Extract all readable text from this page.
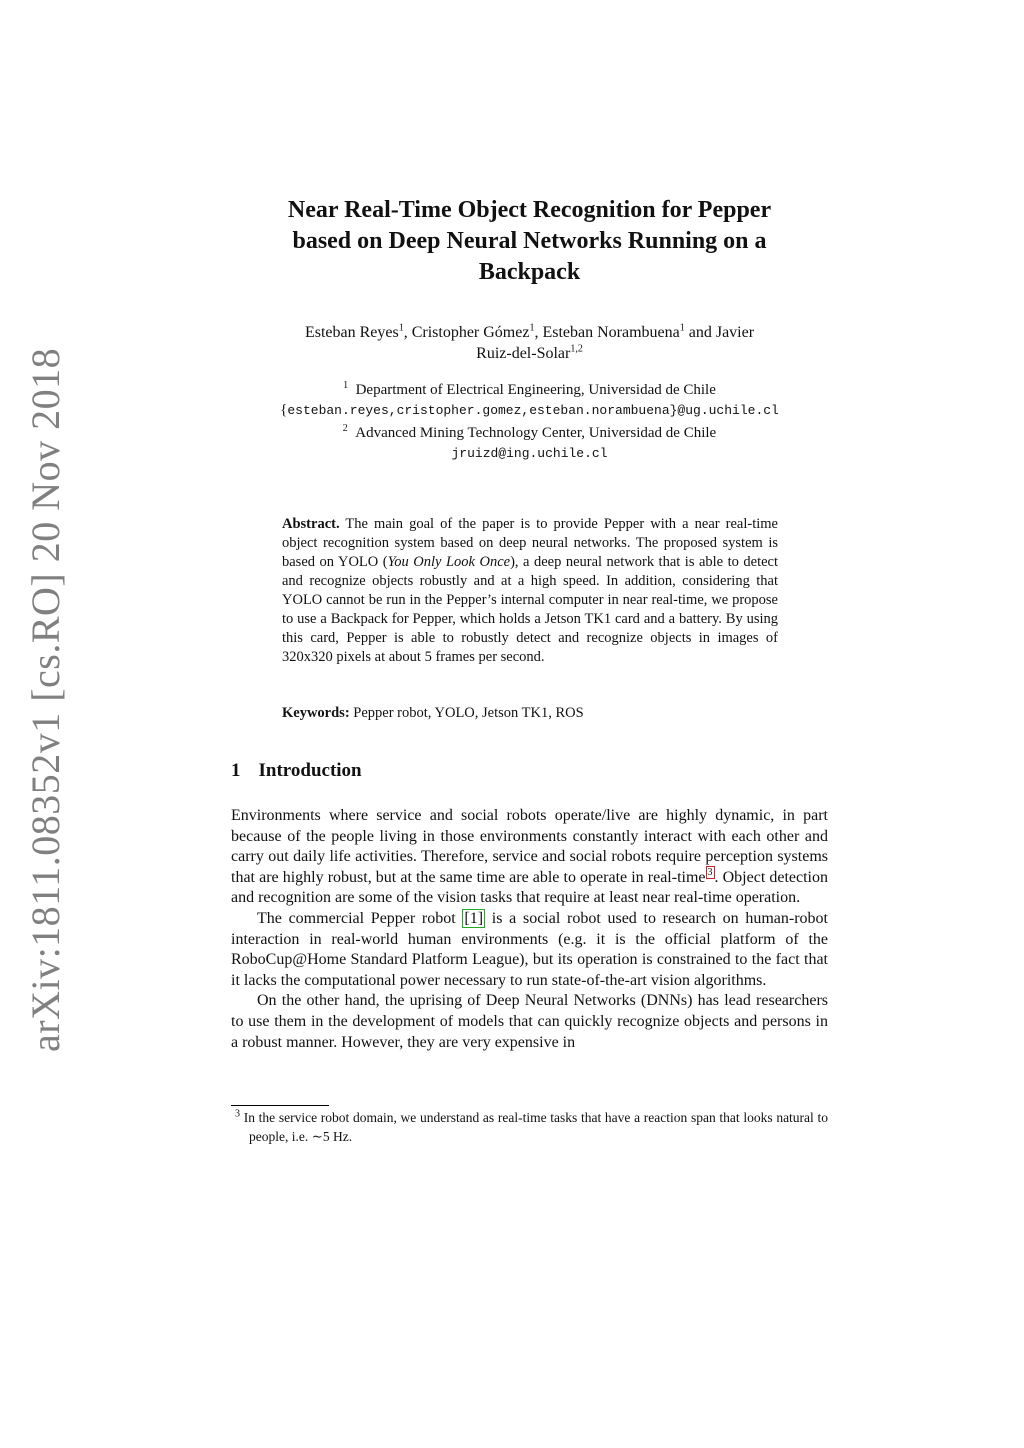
arXiv:1811.08352v1 [cs.RO] 20 Nov 2018
Near Real-Time Object Recognition for Pepper
based on Deep Neural Networks Running on a
Backpack
Esteban Reyes$^1$, Cristopher Gómez$^1$, Esteban Norambuena$^1$ and Javier
Ruiz-del-Solar$^{1,2}$
$^1$ Department of Electrical Engineering, Universidad de Chile
{esteban.reyes,cristopher.gomez,esteban.norambuena}@ug.uchile.cl
$^2$ Advanced Mining Technology Center, Universidad de Chile
jruizd@ing.uchile.cl
Abstract. The main goal of the paper is to provide Pepper with a near real-time object recognition system based on deep neural networks. The proposed system is based on YOLO (You Only Look Once), a deep neural network that is able to detect and recognize objects robustly and at a high speed. In addition, considering that YOLO cannot be run in the Pepper’s internal computer in near real-time, we propose to use a Backpack for Pepper, which holds a Jetson TK1 card and a battery. By using this card, Pepper is able to robustly detect and recognize objects in images of 320x320 pixels at about 5 frames per second.
Keywords: Pepper robot, YOLO, Jetson TK1, ROS
1 Introduction

Environments where service and social robots operate/live are highly dynamic, in part because of the people living in those environments constantly interact with each other and carry out daily life activities. Therefore, service and social robots require perception systems that are highly robust, but at the same time are able to operate in real-time $^3$ . Object detection and recognition are some of the vision tasks that require at least near real-time operation.

The commercial Pepper robot [1] is a social robot used to research on human-robot interaction in real-world human environments (e.g. it is the official platform of the RoboCup@Home Standard Platform League), but its operation is constrained to the fact that it lacks the computational power necessary to run state-of-the-art vision algorithms.

On the other hand, the uprising of Deep Neural Networks (DNNs) has lead researchers to use them in the development of models that can quickly recognize objects and persons in a robust manner. However, they are very expensive in

$^3$ In the service robot domain, we understand as real-time tasks that have a reaction span that looks natural to people, i.e. ∼5 Hz.
